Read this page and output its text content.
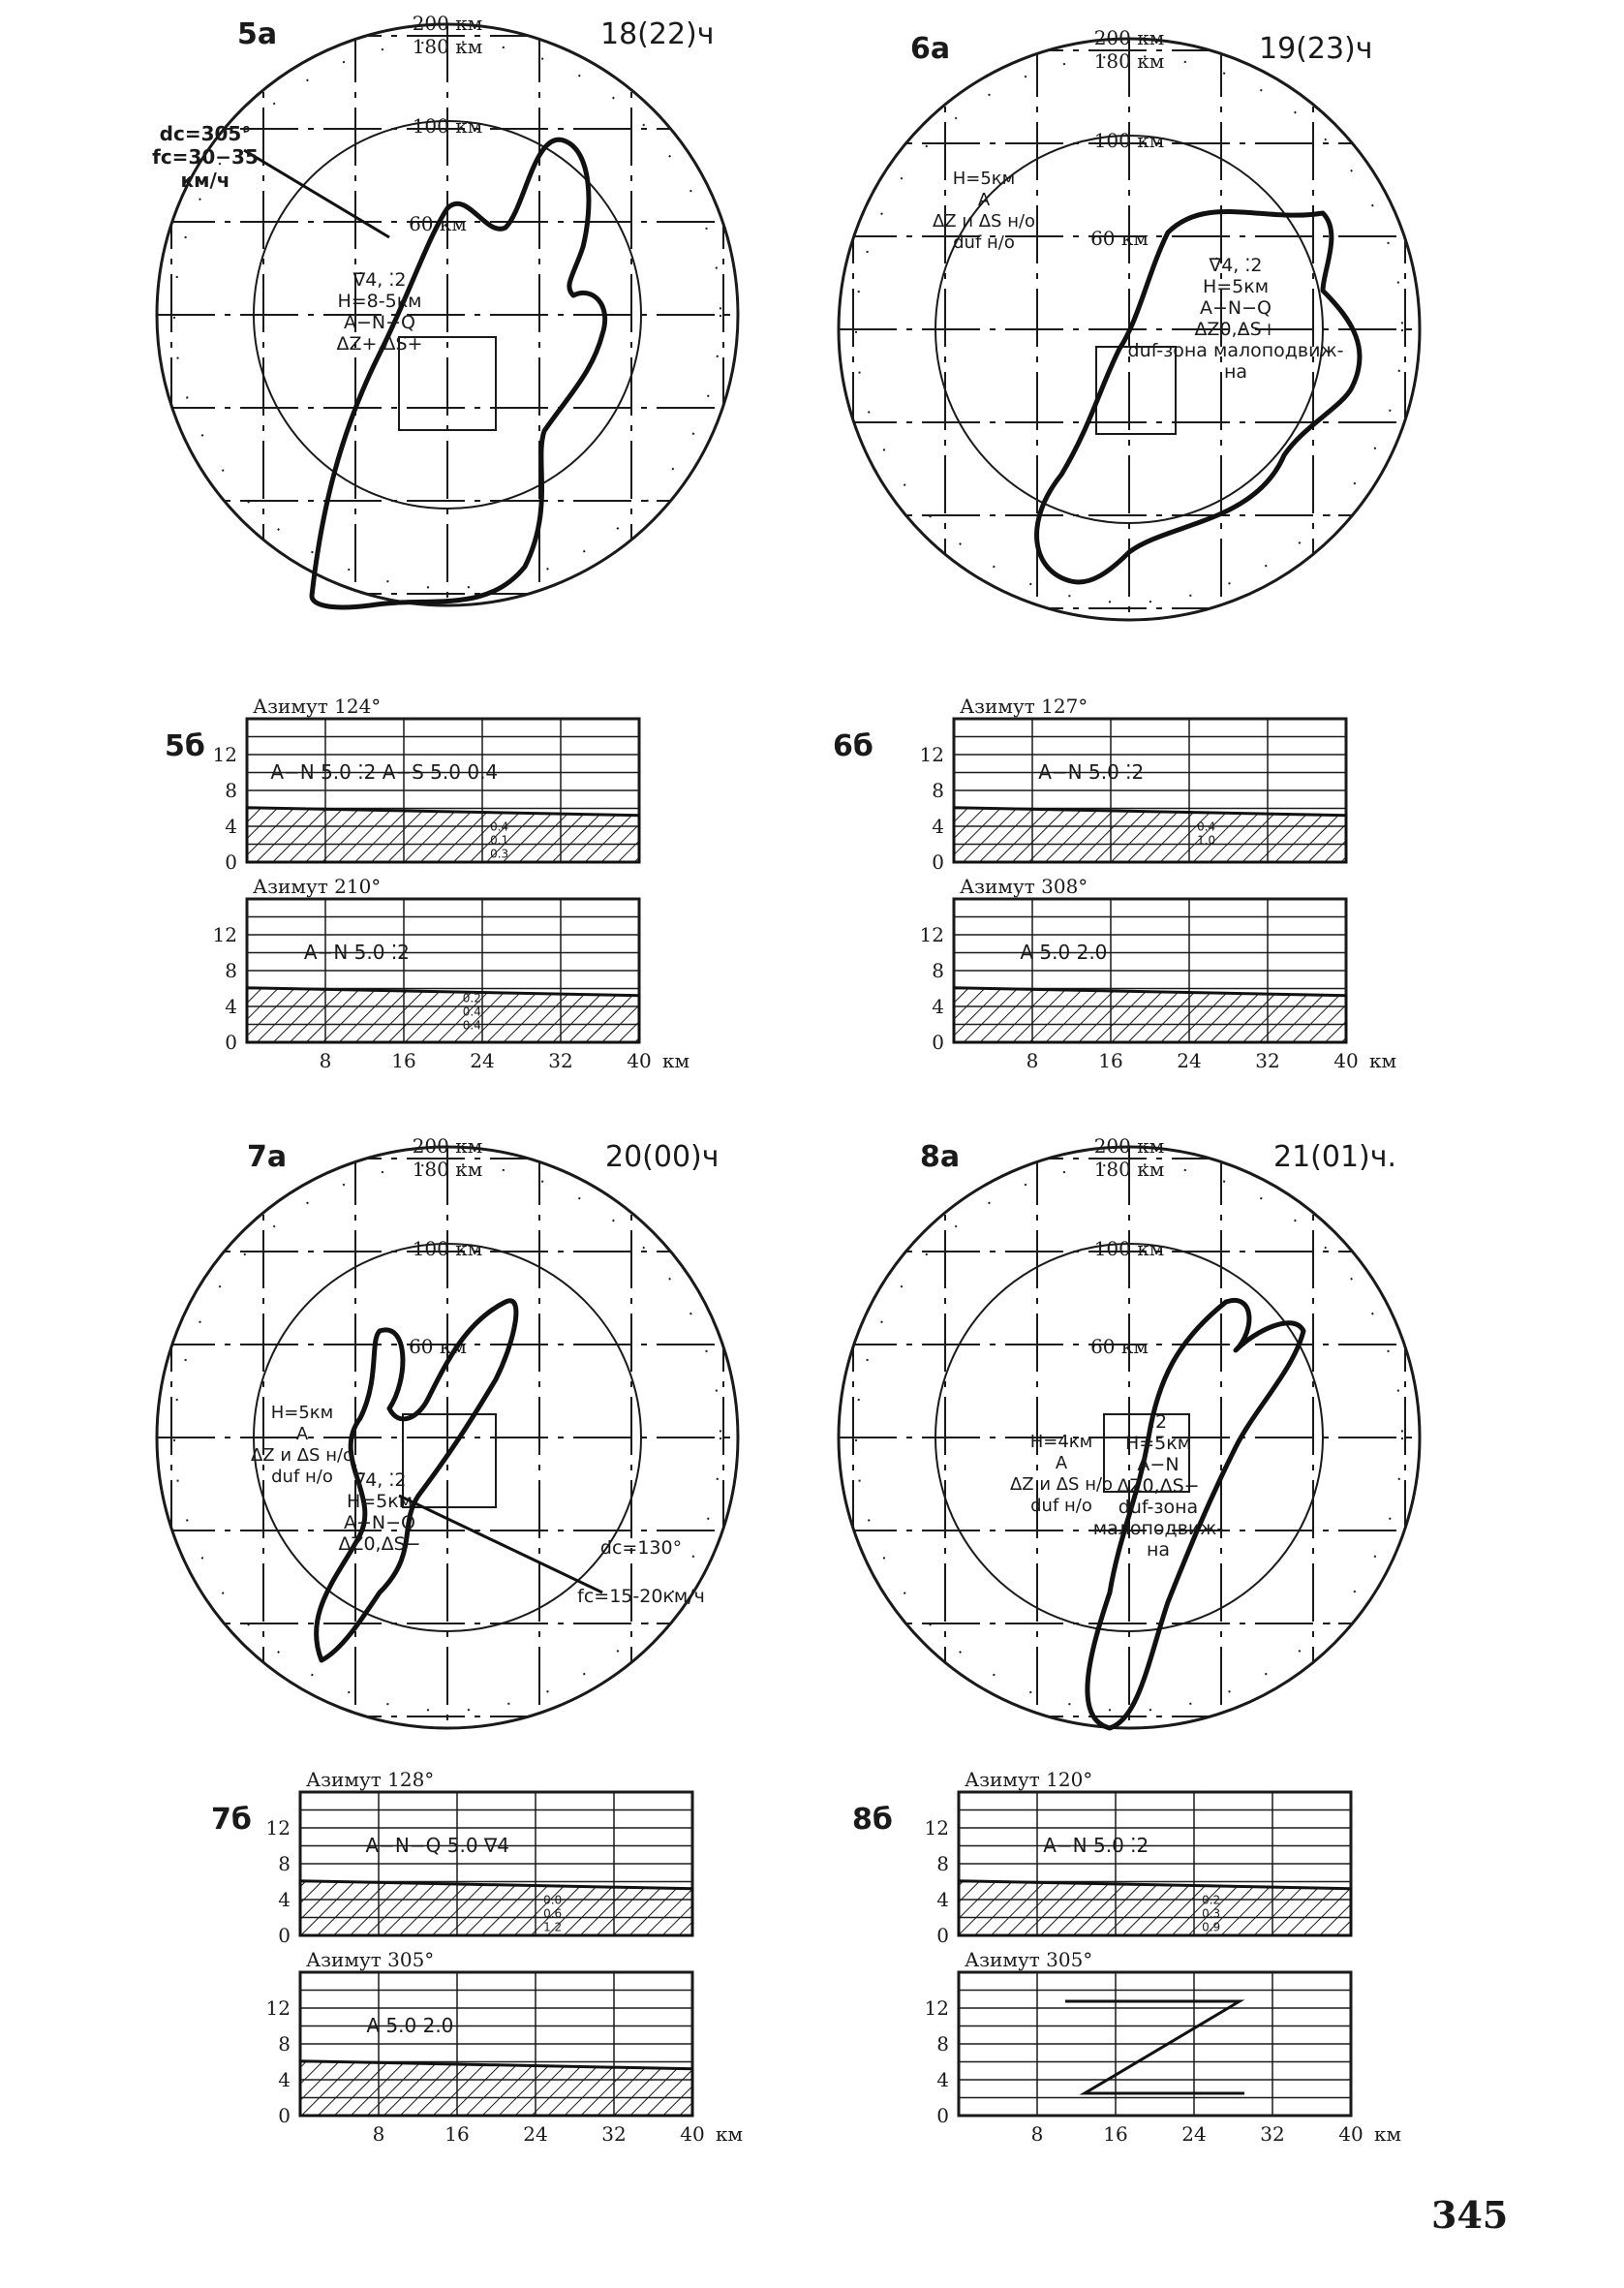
5a	18(22)ч
200 км
180 км
100 км
60 км
∇̇4, ⁚2
H=8-5км
A−N−Q
ΔZ+,ΔS+
dc=305°
fc=30−35
км/ч
6a	19(23)ч
200 км
180 км
100 км
60 км
∇̇4, ⁚2
H=5км
A−N−Q
ΔZ0,ΔS+
duf-зона малоподвиж-
на
H=5км
A
ΔZ и ΔS н/о
duf н/о
7a	20(00)ч
200 км
180 км
100 км
60 км
∇̇4, ⁚2
H=5км
A−N−Q
ΔZ0,ΔS−
H=5км
A
ΔZ и ΔS н/о
duf н/о
dc=130°
fc=15-20км/ч
8a	21(01)ч.
200 км
180 км
100 км
60 км
⁚2
H=5км
A−N
ΔZ0,ΔS−
duf-зона
малоподвиж-
на
H=4км
A
ΔZ и ΔS н/о
duf н/о
5б
Азимут 124°
12
8
4
0
Азимут 210°
12
8
4
0
A−N 5.0 ⁚2 A−S 5.0 0.4
A−N 5.0 ⁚2
0.4
0.1
0.3
0.2
0.4
0.4
8	16	24	32	40 км
6б
Азимут 127°
12
8
4
0
Азимут 308°
12
8
4
0
A−N 5.0 ⁚2
A 5.0 2.0
0.4
1.0
8	16	24	32	40 км
7б
Азимут 128°
12
8
4
0
Азимут 305°
12
8
4
0
A−N−Q 5.0 ∇4
A 5.0 2.0
0.0
0.6
1.2
8	16	24	32	40 км
8б
Азимут 120°
12
8
4
0
Азимут 305°
12
8
4
0
A−N 5.0 ⁚2
0.2
0.3
0.9
8	16	24	32	40 км
345
